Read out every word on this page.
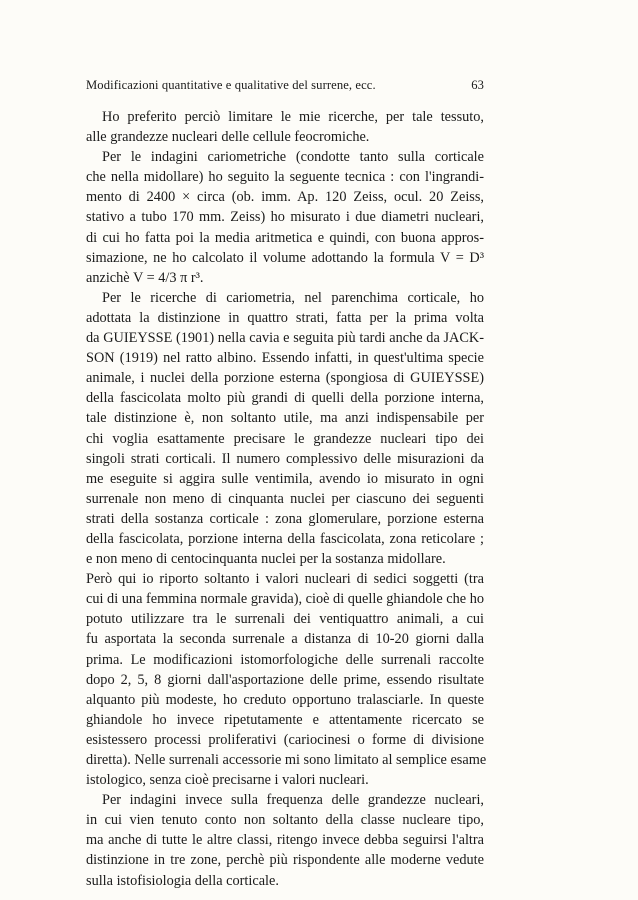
Modificazioni quantitative e qualitative del surrene, ecc.	63
Ho preferito perciò limitare le mie ricerche, per tale tessuto,
alle grandezze nucleari delle cellule feocromiche.
Per le indagini cariometriche (condotte tanto sulla corticale
che nella midollare) ho seguito la seguente tecnica : con l'ingrandi-
mento di 2400 × circa (ob. imm. Ap. 120 Zeiss, ocul. 20 Zeiss,
stativo a tubo 170 mm. Zeiss) ho misurato i due diametri nucleari,
di cui ho fatta poi la media aritmetica e quindi, con buona appros-
simazione, ne ho calcolato il volume adottando la formula V = D³
anzichè V = 4/3 π r³.
Per le ricerche di cariometria, nel parenchima corticale, ho
adottata la distinzione in quattro strati, fatta per la prima volta
da GUIEYSSE (1901) nella cavia e seguita più tardi anche da JACK-
SON (1919) nel ratto albino. Essendo infatti, in quest'ultima specie
animale, i nuclei della porzione esterna (spongiosa di GUIEYSSE)
della fascicolata molto più grandi di quelli della porzione interna,
tale distinzione è, non soltanto utile, ma anzi indispensabile per
chi voglia esattamente precisare le grandezze nucleari tipo dei
singoli strati corticali. Il numero complessivo delle misurazioni da
me eseguite si aggira sulle ventimila, avendo io misurato in ogni
surrenale non meno di cinquanta nuclei per ciascuno dei seguenti
strati della sostanza corticale : zona glomerulare, porzione esterna
della fascicolata, porzione interna della fascicolata, zona reticolare ;
e non meno di centocinquanta nuclei per la sostanza midollare.
Però qui io riporto soltanto i valori nucleari di sedici soggetti (tra
cui di una femmina normale gravida), cioè di quelle ghiandole che ho
potuto utilizzare tra le surrenali dei ventiquattro animali, a cui
fu asportata la seconda surrenale a distanza di 10-20 giorni dalla
prima. Le modificazioni istomorfologiche delle surrenali raccolte
dopo 2, 5, 8 giorni dall'asportazione delle prime, essendo risultate
alquanto più modeste, ho creduto opportuno tralasciarle. In queste
ghiandole ho invece ripetutamente e attentamente ricercato se
esistessero processi proliferativi (cariocinesi o forme di divisione
diretta). Nelle surrenali accessorie mi sono limitato al semplice esame
istologico, senza cioè precisarne i valori nucleari.
Per indagini invece sulla frequenza delle grandezze nucleari,
in cui vien tenuto conto non soltanto della classe nucleare tipo,
ma anche di tutte le altre classi, ritengo invece debba seguirsi l'altra
distinzione in tre zone, perchè più rispondente alle moderne vedute
sulla istofisiologia della corticale.
